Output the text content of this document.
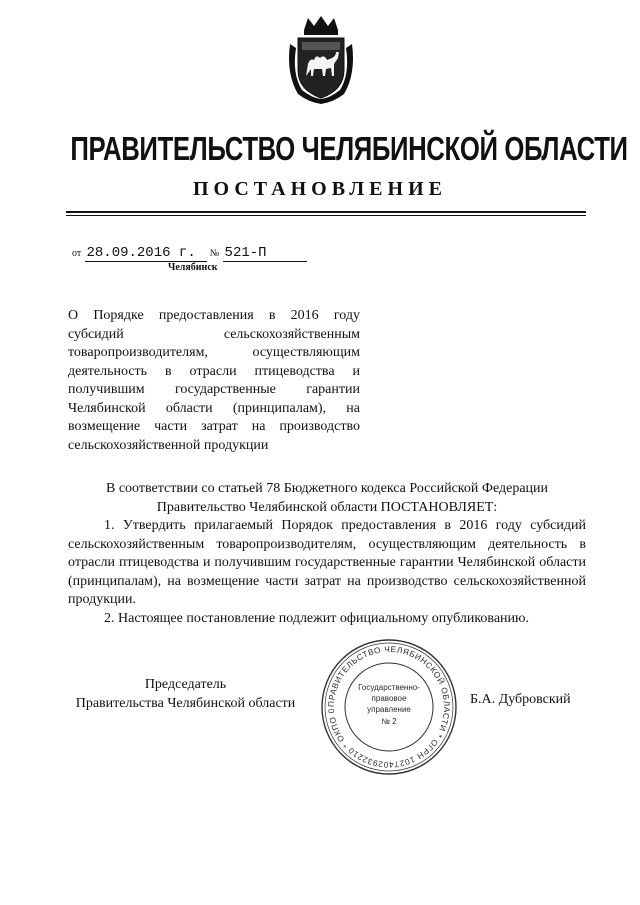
ПРАВИТЕЛЬСТВО ЧЕЛЯБИНСКОЙ ОБЛАСТИ
ПОСТАНОВЛЕНИЕ
от 28.09.2016 г. № 521-П
Челябинск
О Порядке предоставления в 2016 году субсидий сельскохозяйственным товаропроизводителям, осуществляющим деятельность в отрасли птицеводства и получившим государственные гарантии Челябинской области (принципалам), на возмещение части затрат на производство сельскохозяйственной продукции

В соответствии со статьей 78 Бюджетного кодекса Российской Федерации

Правительство Челябинской области ПОСТАНОВЛЯЕТ:

1. Утвердить прилагаемый Порядок предоставления в 2016 году субсидий сельскохозяйственным товаропроизводителям, осуществляющим деятельность в отрасли птицеводства и получившим государственные гарантии Челябинской области (принципалам), на возмещение части затрат на производство сельскохозяйственной продукции.

2. Настоящее постановление подлежит официальному опубликованию.

Председатель
Правительства Челябинской области	ПРАВИТЕЛЬСТВО ЧЕЛЯБИНСКОЙ ОБЛАСТИ * ОГРН 1027402932210 * ОКПО 0
Государственно-
правовое
управление
№ 2
Б.А. Дубровский
